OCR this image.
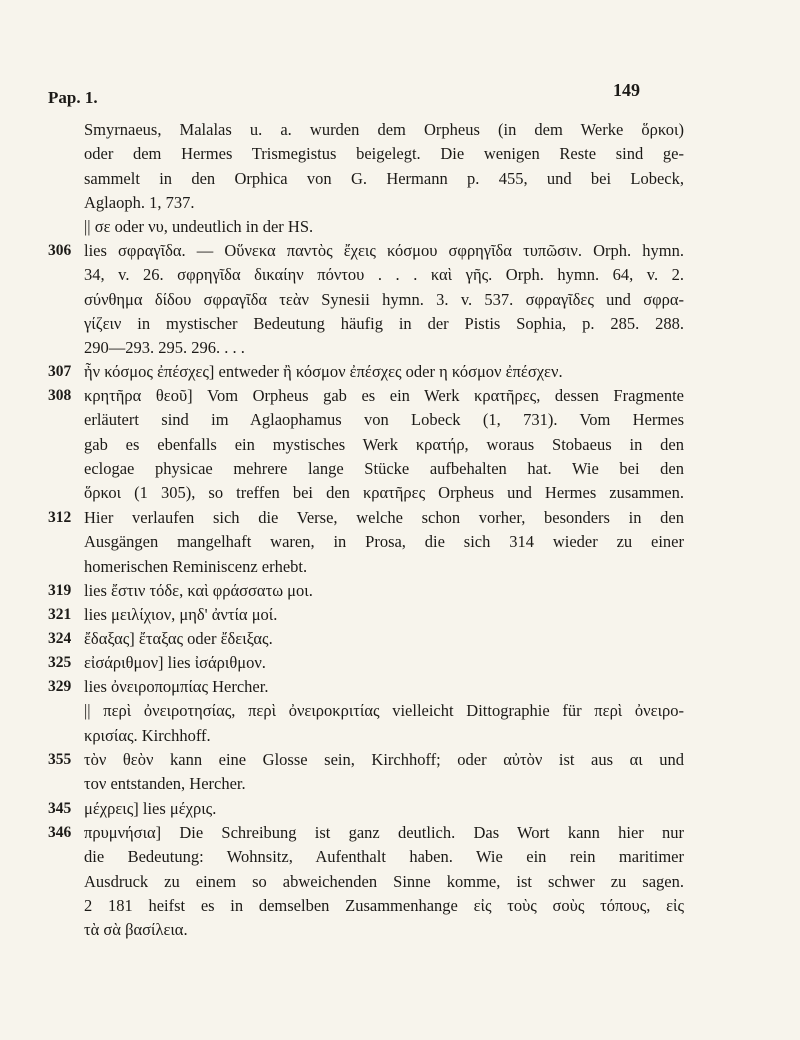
Pap. 1.	149
Smyrnaeus, Malalas u. a. wurden dem Orpheus (in dem Werke ὅρκοι)
oder dem Hermes Trismegistus beigelegt. Die wenigen Reste sind ge-
sammelt in den Orphica von G. Hermann p. 455, und bei Lobeck,
Aglaoph. 1, 737.
|| σε oder νυ, undeutlich in der HS.
306 lies σφραγῖδα. — Οὕνεκα παντὸς ἔχεις κόσμου σφρηγῖδα τυπῶσιν. Orph. hymn.
34, v. 26. σφρηγῖδα δικαίην πόντου . . . καὶ γῆς. Orph. hymn. 64, v. 2.
σύνθημα δίδου σφραγῖδα τεὰν Synesii hymn. 3. v. 537. σφραγῖδες und σφρα-
γίζειν in mystischer Bedeutung häufig in der Pistis Sophia, p. 285. 288.
290—293. 295. 296. . . .
307 ἦν κόσμος ἐπέσχες] entweder ἢ κόσμον ἐπέσχες oder η κόσμον ἐπέσχεν.
308 κρητῆρα θεοῦ] Vom Orpheus gab es ein Werk κρατῆρες, dessen Fragmente
erläutert sind im Aglaophamus von Lobeck (1, 731). Vom Hermes
gab es ebenfalls ein mystisches Werk κρατήρ, woraus Stobaeus in den
eclogae physicae mehrere lange Stücke aufbehalten hat. Wie bei den
ὅρκοι (1 305), so treffen bei den κρατῆρες Orpheus und Hermes zusammen.
312 Hier verlaufen sich die Verse, welche schon vorher, besonders in den
Ausgängen mangelhaft waren, in Prosa, die sich 314 wieder zu einer
homerischen Reminiscenz erhebt.
319 lies ἔστιν τόδε, καὶ φράσσατω μοι.
321 lies μειλίχιον, μηδ' ἀντία μοί.
324 ἔδαξας] ἔταξας oder ἔδειξας.
325 εἰσάριθμον] lies ἰσάριθμον.
329 lies ὀνειροπομπίας Hercher.
|| περὶ ὀνειροτησίας, περὶ ὀνειροκριτίας vielleicht Dittographie für περὶ ὀνειρο-
κρισίας. Kirchhoff.
355 τὸν θεὸν kann eine Glosse sein, Kirchhoff; oder αὐτὸν ist aus αι und
τον entstanden, Hercher.
345 μέχρεις] lies μέχρις.
346 πρυμνήσια] Die Schreibung ist ganz deutlich. Das Wort kann hier nur
die Bedeutung: Wohnsitz, Aufenthalt haben. Wie ein rein maritimer
Ausdruck zu einem so abweichenden Sinne komme, ist schwer zu sagen.
2 181 heifst es in demselben Zusammenhange εἰς τοὺς σοὺς τόπους, εἰς
τὰ σὰ βασίλεια.
